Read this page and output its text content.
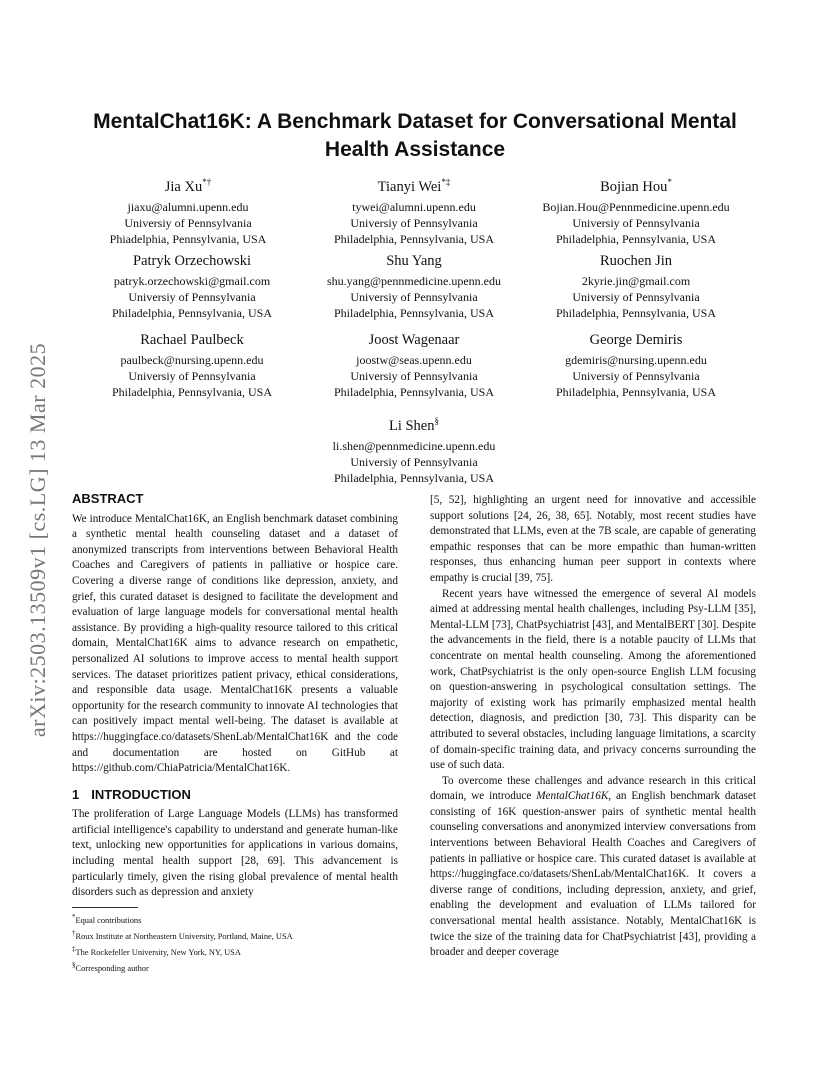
arXiv:2503.13509v1 [cs.LG] 13 Mar 2025
MentalChat16K: A Benchmark Dataset for Conversational Mental Health Assistance
Jia Xu*†
jiaxu@alumni.upenn.edu
Universiy of Pennsylvania
Phiadelphia, Pennsylvania, USA
Tianyi Wei*‡
tywei@alumni.upenn.edu
Universiy of Pennsylvania
Philadelphia, Pennsylvania, USA
Bojian Hou*
Bojian.Hou@Pennmedicine.upenn.edu
Universiy of Pennsylvania
Philadelphia, Pennsylvania, USA
Patryk Orzechowski
patryk.orzechowski@gmail.com
Universiy of Pennsylvania
Philadelphia, Pennsylvania, USA
Shu Yang
shu.yang@pennmedicine.upenn.edu
Universiy of Pennsylvania
Philadelphia, Pennsylvania, USA
Ruochen Jin
2kyrie.jin@gmail.com
Universiy of Pennsylvania
Philadelphia, Pennsylvania, USA
Rachael Paulbeck
paulbeck@nursing.upenn.edu
Universiy of Pennsylvania
Philadelphia, Pennsylvania, USA
Joost Wagenaar
joostw@seas.upenn.edu
Universiy of Pennsylvania
Philadelphia, Pennsylvania, USA
George Demiris
gdemiris@nursing.upenn.edu
Universiy of Pennsylvania
Philadelphia, Pennsylvania, USA
Li Shen§
li.shen@pennmedicine.upenn.edu
Universiy of Pennsylvania
Philadelphia, Pennsylvania, USA
ABSTRACT

We introduce MentalChat16K, an English benchmark dataset combining a synthetic mental health counseling dataset and a dataset of anonymized transcripts from interventions between Behavioral Health Coaches and Caregivers of patients in palliative or hospice care. Covering a diverse range of conditions like depression, anxiety, and grief, this curated dataset is designed to facilitate the development and evaluation of large language models for conversational mental health assistance. By providing a high-quality resource tailored to this critical domain, MentalChat16K aims to advance research on empathetic, personalized AI solutions to improve access to mental health support services. The dataset prioritizes patient privacy, ethical considerations, and responsible data usage. MentalChat16K presents a valuable opportunity for the research community to innovate AI technologies that can positively impact mental well-being. The dataset is available at https://huggingface.co/datasets/ShenLab/MentalChat16K and the code and documentation are hosted on GitHub at https://github.com/ChiaPatricia/MentalChat16K.

1 INTRODUCTION

The proliferation of Large Language Models (LLMs) has transformed artificial intelligence's capability to understand and generate human-like text, unlocking new opportunities for applications in various domains, including mental health support [28, 69]. This advancement is particularly timely, given the rising global prevalence of mental health disorders such as depression and anxiety

[5, 52], highlighting an urgent need for innovative and accessible support solutions [24, 26, 38, 65]. Notably, most recent studies have demonstrated that LLMs, even at the 7B scale, are capable of generating empathic responses that can be more empathic than human-written responses, thus enhancing human peer support in contexts where empathy is crucial [39, 75].

Recent years have witnessed the emergence of several AI models aimed at addressing mental health challenges, including Psy-LLM [35], Mental-LLM [73], ChatPsychiatrist [43], and MentalBERT [30]. Despite the advancements in the field, there is a notable paucity of LLMs that concentrate on mental health counseling. Among the aforementioned work, ChatPsychiatrist is the only open-source English LLM focusing on question-answering in psychological consultation settings. The majority of existing work has primarily emphasized mental health detection, diagnosis, and prediction [30, 73]. This disparity can be attributed to several obstacles, including language limitations, a scarcity of domain-specific training data, and privacy concerns surrounding the use of such data.

To overcome these challenges and advance research in this critical domain, we introduce MentalChat16K, an English benchmark dataset consisting of 16K question-answer pairs of synthetic mental health counseling conversations and anonymized interview conversations from interventions between Behavioral Health Coaches and Caregivers of patients in palliative or hospice care. This curated dataset is available at https://huggingface.co/datasets/ShenLab/MentalChat16K. It covers a diverse range of conditions, including depression, anxiety, and grief, enabling the development and evaluation of LLMs tailored for conversational mental health assistance. Notably, MentalChat16K is twice the size of the training data for ChatPsychiatrist [43], providing a broader and deeper coverage

*Equal contributions
†Roux Institute at Northeastern University, Portland, Maine, USA
‡The Rockefeller University, New York, NY, USA
§Corresponding author
